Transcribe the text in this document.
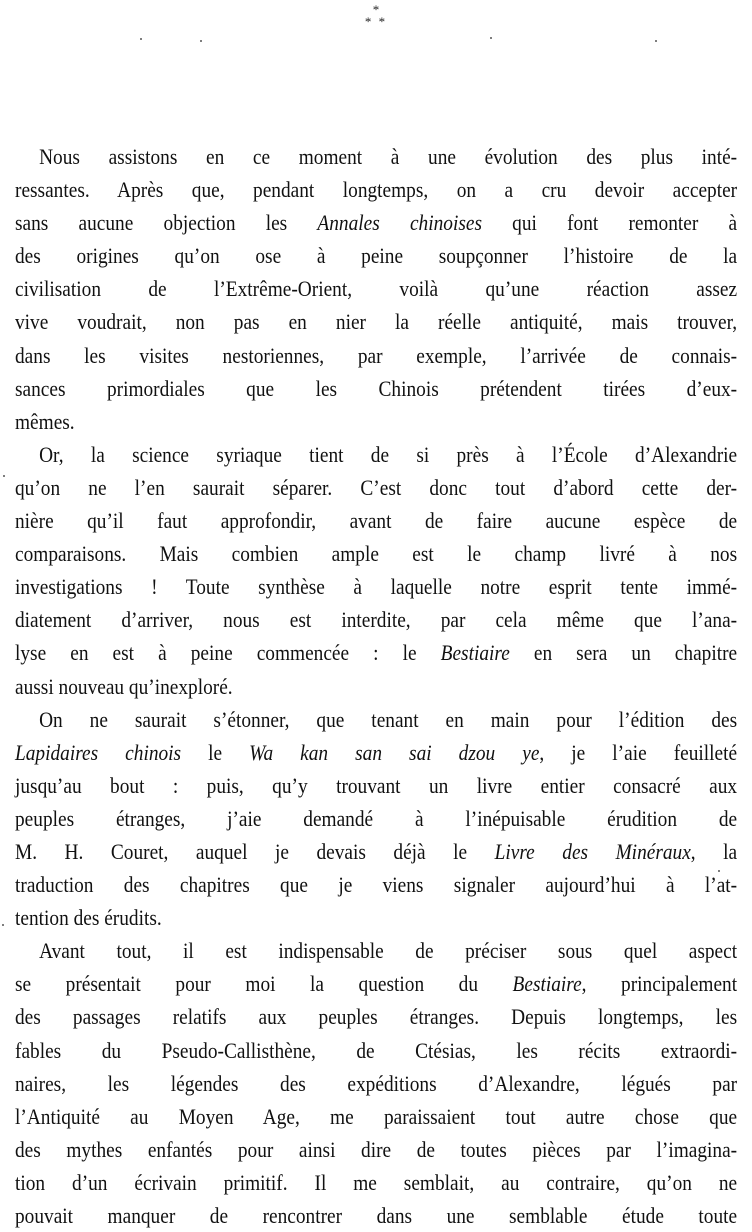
*
* *
Nous assistons en ce moment à une évolution des plus inté-
ressantes. Après que, pendant longtemps, on a cru devoir accepter
sans aucune objection les Annales chinoises qui font remonter à
des origines qu’on ose à peine soupçonner l’histoire de la
civilisation de l’Extrême-Orient, voilà qu’une réaction assez
vive voudrait, non pas en nier la réelle antiquité, mais trouver,
dans les visites nestoriennes, par exemple, l’arrivée de connais-
sances primordiales que les Chinois prétendent tirées d’eux-
mêmes.
Or, la science syriaque tient de si près à l’École d’Alexandrie
qu’on ne l’en saurait séparer. C’est donc tout d’abord cette der-
nière qu’il faut approfondir, avant de faire aucune espèce de
comparaisons. Mais combien ample est le champ livré à nos
investigations ! Toute synthèse à laquelle notre esprit tente immé-
diatement d’arriver, nous est interdite, par cela même que l’ana-
lyse en est à peine commencée : le Bestiaire en sera un chapitre
aussi nouveau qu’inexploré.
On ne saurait s’étonner, que tenant en main pour l’édition des
Lapidaires chinois le Wa kan san sai dzou ye, je l’aie feuilleté
jusqu’au bout : puis, qu’y trouvant un livre entier consacré aux
peuples étranges, j’aie demandé à l’inépuisable érudition de
M. H. Couret, auquel je devais déjà le Livre des Minéraux, la
traduction des chapitres que je viens signaler aujourd’hui à l’at-
tention des érudits.
Avant tout, il est indispensable de préciser sous quel aspect
se présentait pour moi la question du Bestiaire, principalement
des passages relatifs aux peuples étranges. Depuis longtemps, les
fables du Pseudo-Callisthène, de Ctésias, les récits extraordi-
naires, les légendes des expéditions d’Alexandre, légués par
l’Antiquité au Moyen Age, me paraissaient tout autre chose que
des mythes enfantés pour ainsi dire de toutes pièces par l’imagina-
tion d’un écrivain primitif. Il me semblait, au contraire, qu’on ne
pouvait manquer de rencontrer dans une semblable étude toute
